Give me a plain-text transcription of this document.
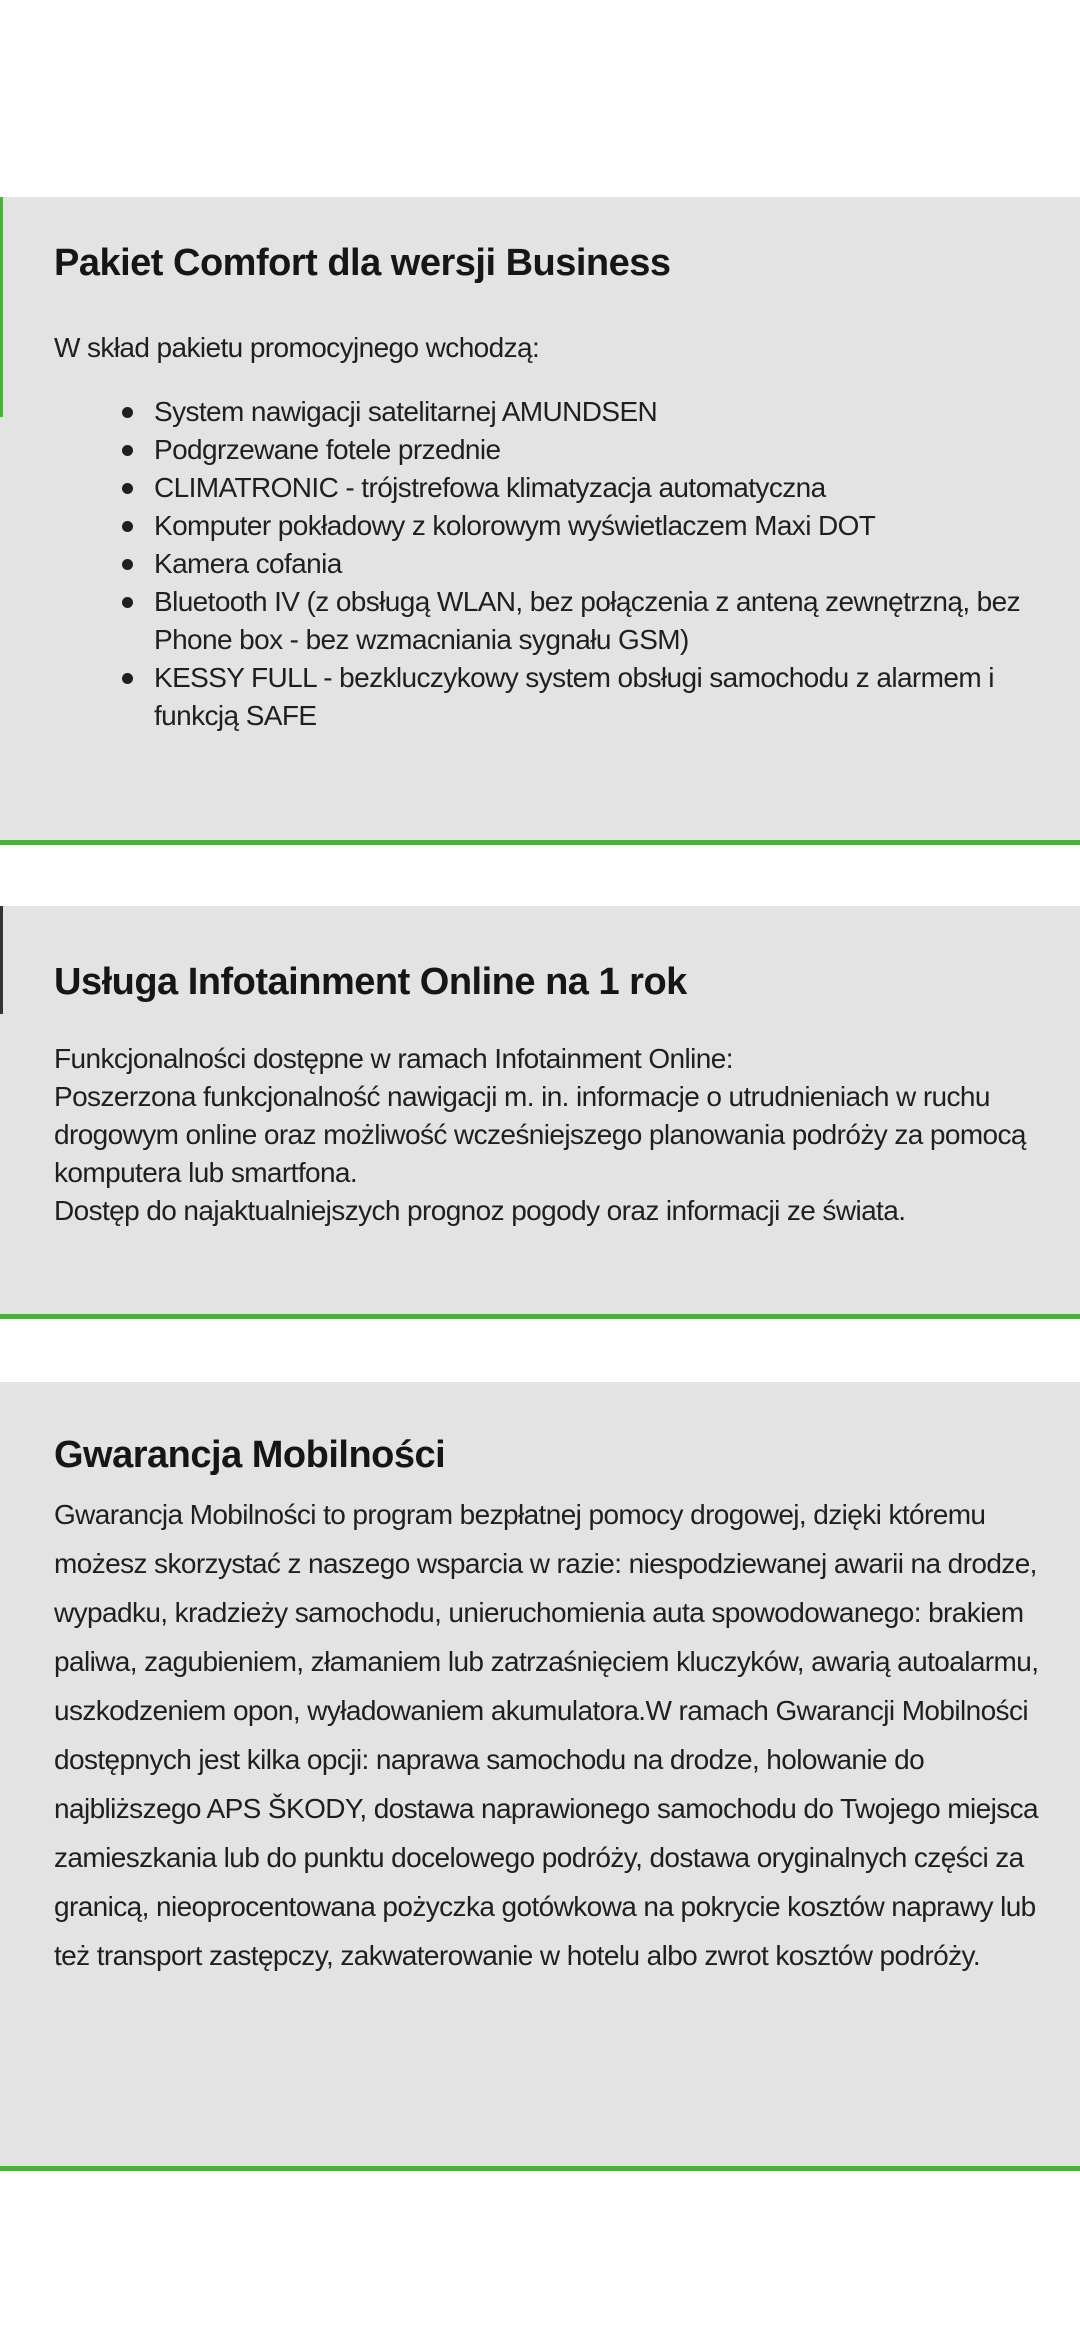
Pakiet Comfort dla wersji Business
W skład pakietu promocyjnego wchodzą:
System nawigacji satelitarnej AMUNDSEN
Podgrzewane fotele przednie
CLIMATRONIC - trójstrefowa klimatyzacja automatyczna
Komputer pokładowy z kolorowym wyświetlaczem Maxi DOT
Kamera cofania
Bluetooth IV (z obsługą WLAN, bez połączenia z anteną zewnętrzną, bez Phone box - bez wzmacniania sygnału GSM)
KESSY FULL - bezkluczykowy system obsługi samochodu z alarmem i funkcją SAFE
Usługa Infotainment Online na 1 rok
Funkcjonalności dostępne w ramach Infotainment Online:
Poszerzona funkcjonalność nawigacji m. in. informacje o utrudnieniach w ruchu drogowym online oraz możliwość wcześniejszego planowania podróży za pomocą komputera lub smartfona.
Dostęp do najaktualniejszych prognoz pogody oraz informacji ze świata.
Gwarancja Mobilności
Gwarancja Mobilności to program bezpłatnej pomocy drogowej, dzięki któremu możesz skorzystać z naszego wsparcia w razie: niespodziewanej awarii na drodze, wypadku, kradzieży samochodu, unieruchomienia auta spowodowanego: brakiem paliwa, zagubieniem, złamaniem lub zatrzaśnięciem kluczyków, awarią autoalarmu, uszkodzeniem opon, wyładowaniem akumulatora.W ramach Gwarancji Mobilności dostępnych jest kilka opcji: naprawa samochodu na drodze, holowanie do najbliższego APS ŠKODY, dostawa naprawionego samochodu do Twojego miejsca zamieszkania lub do punktu docelowego podróży, dostawa oryginalnych części za granicą, nieoprocentowana pożyczka gotówkowa na pokrycie kosztów naprawy lub też transport zastępczy, zakwaterowanie w hotelu albo zwrot kosztów podróży.
